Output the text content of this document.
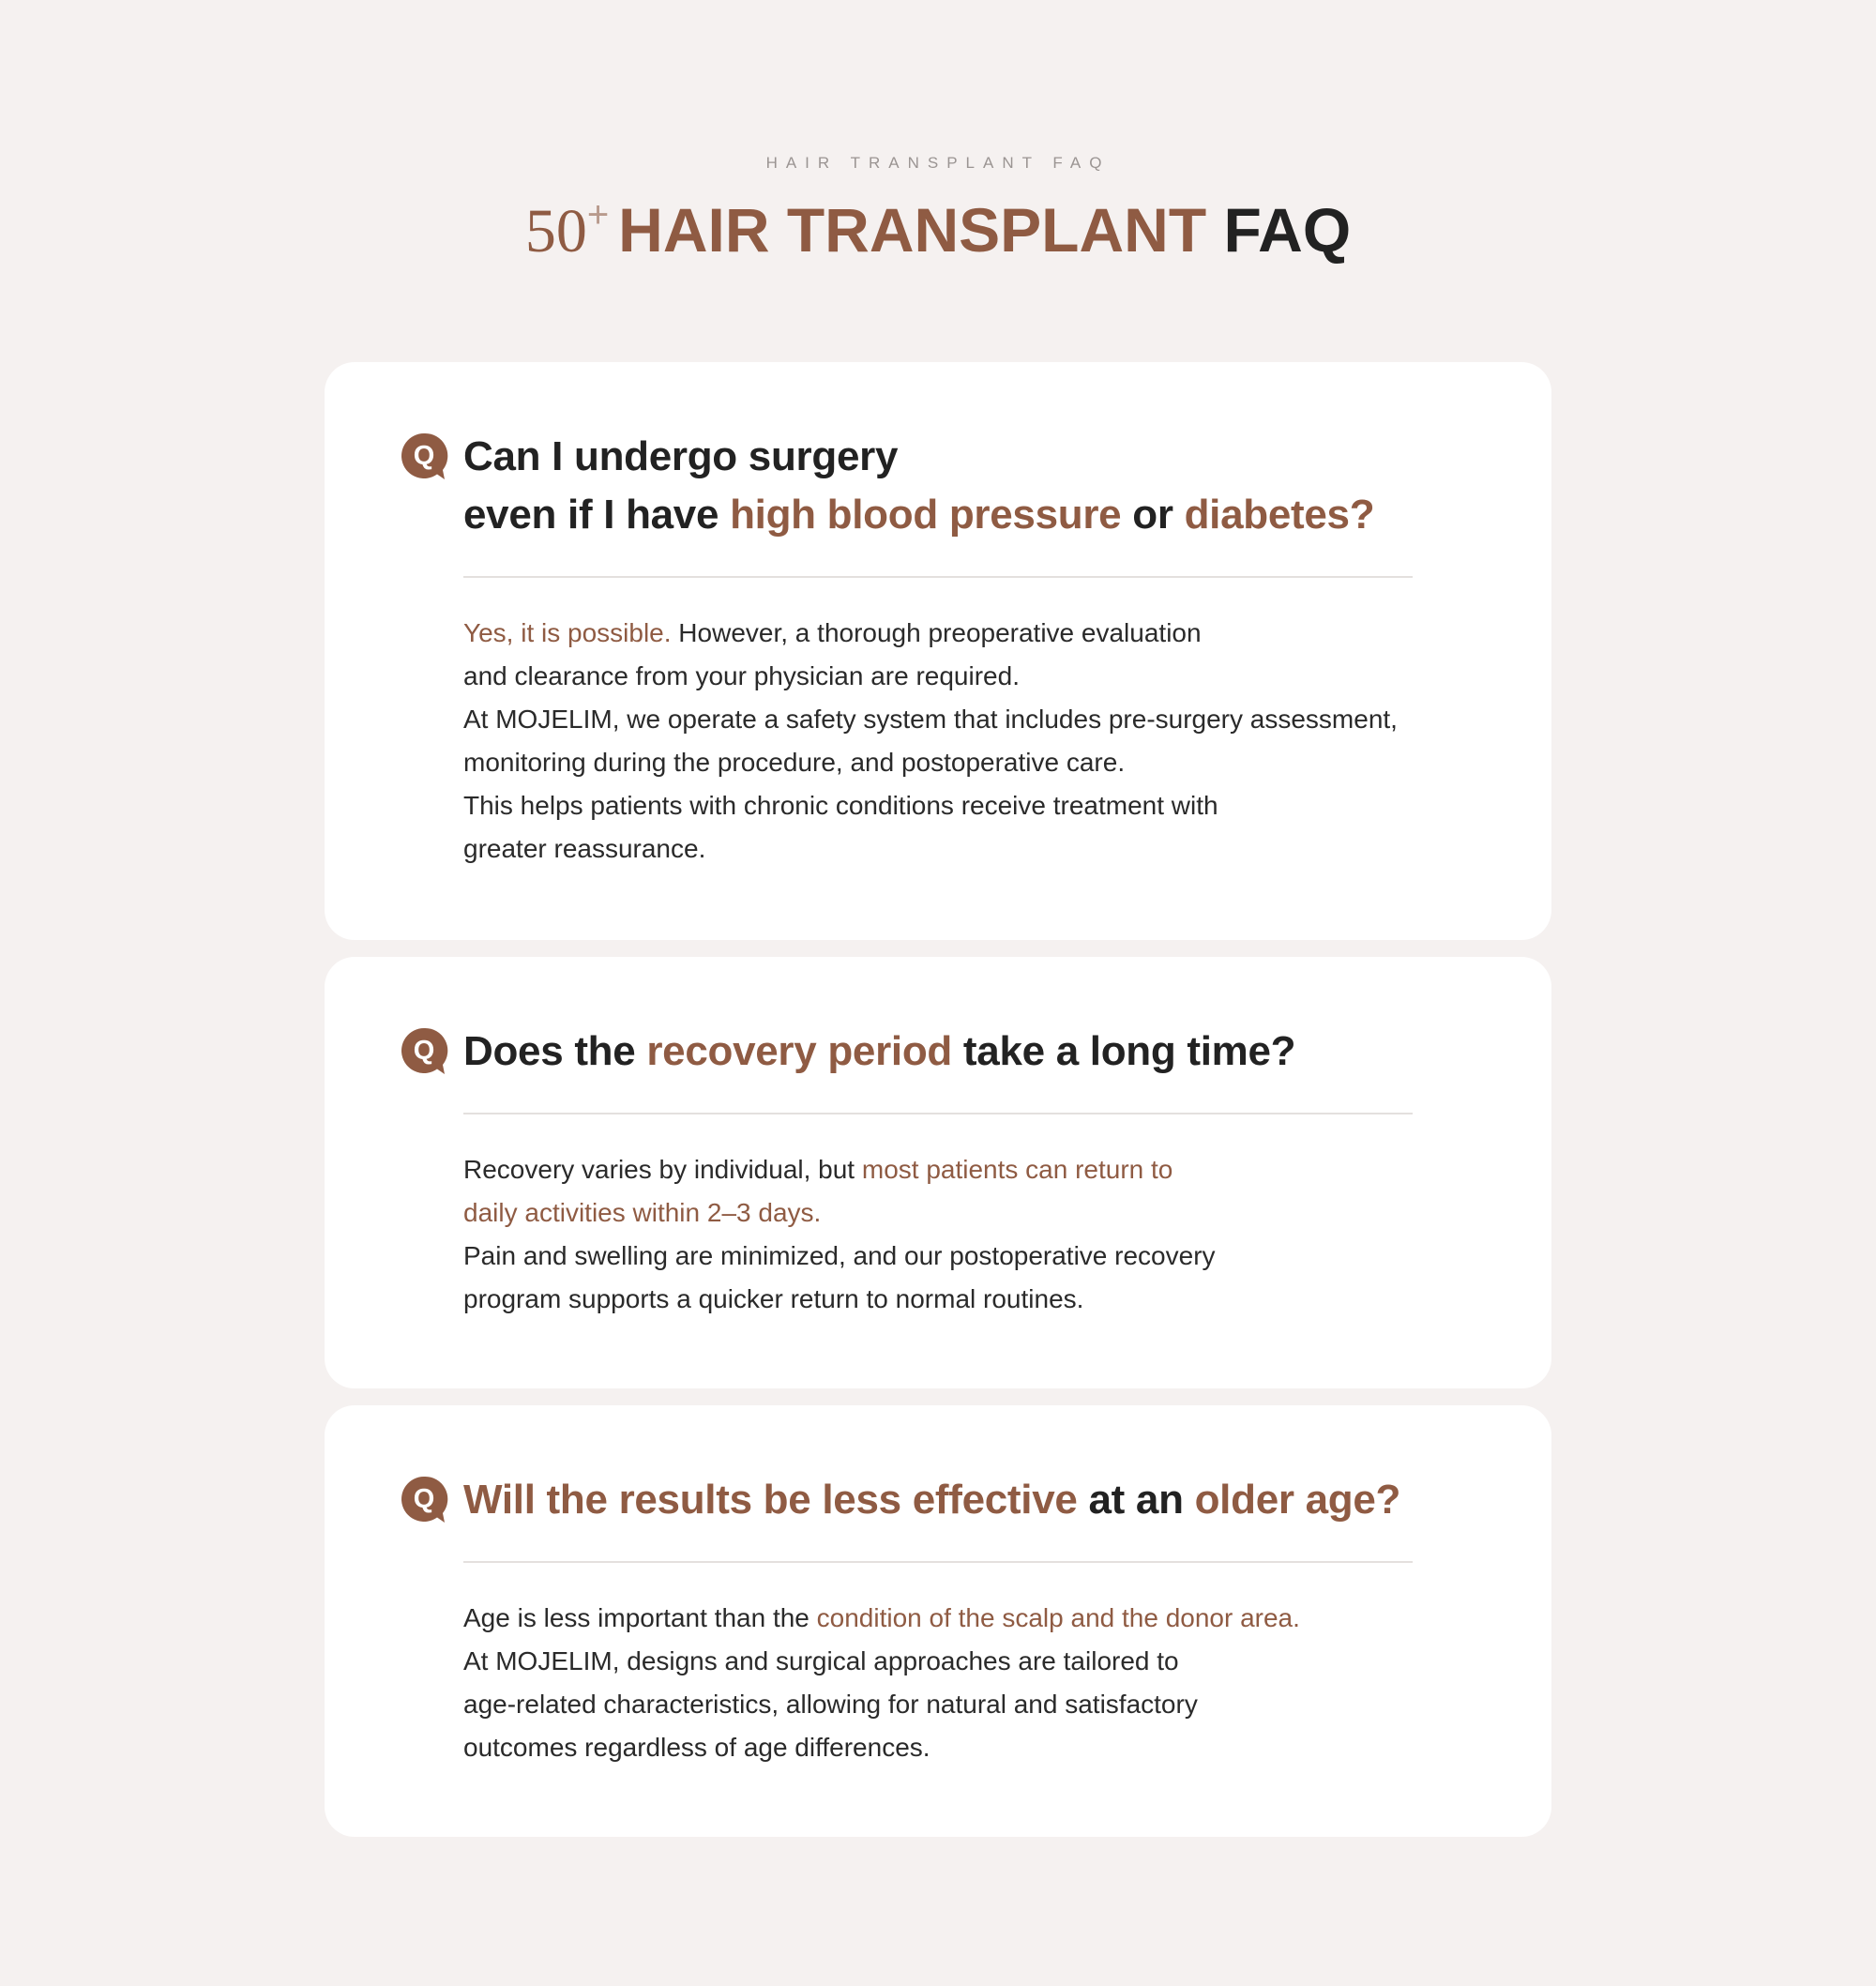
HAIR TRANSPLANT FAQ
50+ HAIR TRANSPLANT FAQ
Q Can I undergo surgery
even if I have high blood pressure or diabetes?
Yes, it is possible. However, a thorough preoperative evaluation
and clearance from your physician are required.
At MOJELIM, we operate a safety system that includes pre-surgery assessment,
monitoring during the procedure, and postoperative care.
This helps patients with chronic conditions receive treatment with
greater reassurance.
Q Does the recovery period take a long time?
Recovery varies by individual, but most patients can return to
daily activities within 2–3 days.
Pain and swelling are minimized, and our postoperative recovery
program supports a quicker return to normal routines.
Q Will the results be less effective at an older age?
Age is less important than the condition of the scalp and the donor area.
At MOJELIM, designs and surgical approaches are tailored to
age-related characteristics, allowing for natural and satisfactory
outcomes regardless of age differences.
